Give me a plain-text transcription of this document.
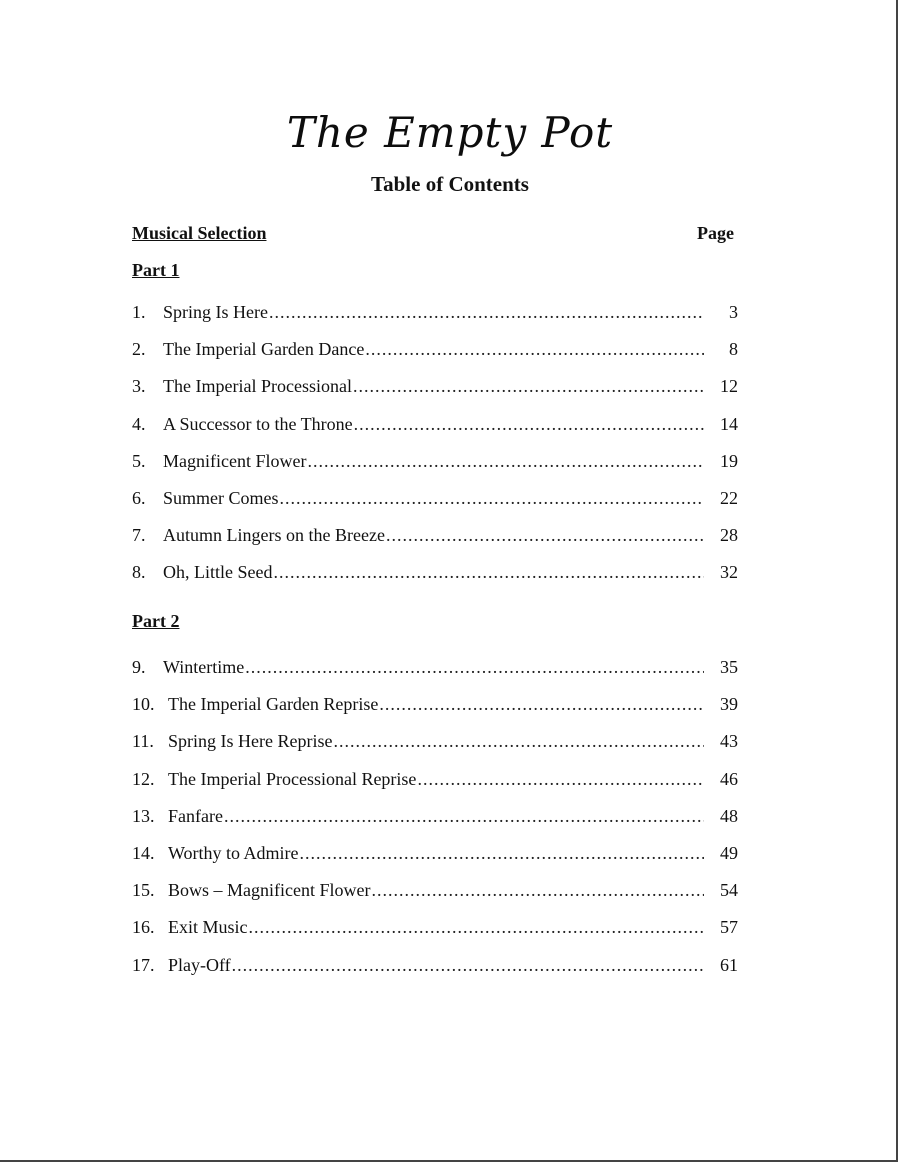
The Empty Pot
Table of Contents
Musical Selection	Page
Part 1
1. Spring Is Here .....	3
2. The Imperial Garden Dance .....	8
3. The Imperial Processional .....	12
4. A Successor to the Throne .....	14
5. Magnificent Flower .....	19
6. Summer Comes .....	22
7. Autumn Lingers on the Breeze .....	28
8. Oh, Little Seed .....	32
Part 2
9. Wintertime .....	35
10. The Imperial Garden Reprise .....	39
11. Spring Is Here Reprise .....	43
12. The Imperial Processional Reprise .....	46
13. Fanfare .....	48
14. Worthy to Admire .....	49
15. Bows – Magnificent Flower .....	54
16. Exit Music .....	57
17. Play-Off .....	61
